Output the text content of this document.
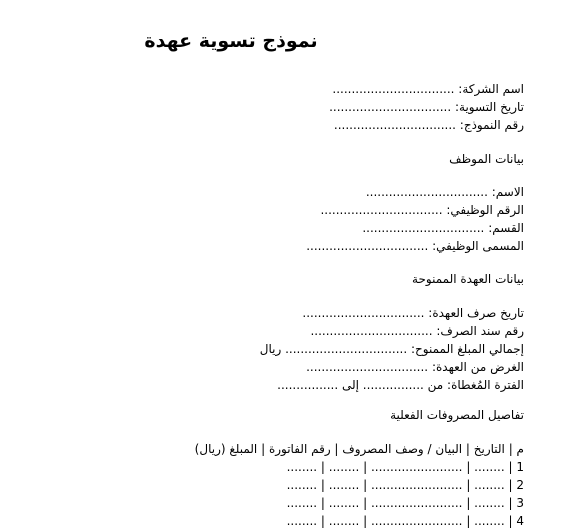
نموذج تسوية عهدة
اسم الشركة: ................................
تاريخ التسوية: ................................
رقم النموذج: ................................
بيانات الموظف
الاسم: ................................
الرقم الوظيفي: ................................
القسم: ................................
المسمى الوظيفي: ................................
بيانات العهدة الممنوحة
تاريخ صرف العهدة: ................................
رقم سند الصرف: ................................
إجمالي المبلغ الممنوح: ................................ ريال
الغرض من العهدة: ................................
الفترة المُغطاة: من ................ إلى ................
تفاصيل المصروفات الفعلية
م | التاريخ | البيان / وصف المصروف | رقم الفاتورة | المبلغ (ريال)
1 | ........ | ........................ | ........ | ........
2 | ........ | ........................ | ........ | ........
3 | ........ | ........................ | ........ | ........
4 | ........ | ........................ | ........ | ........
